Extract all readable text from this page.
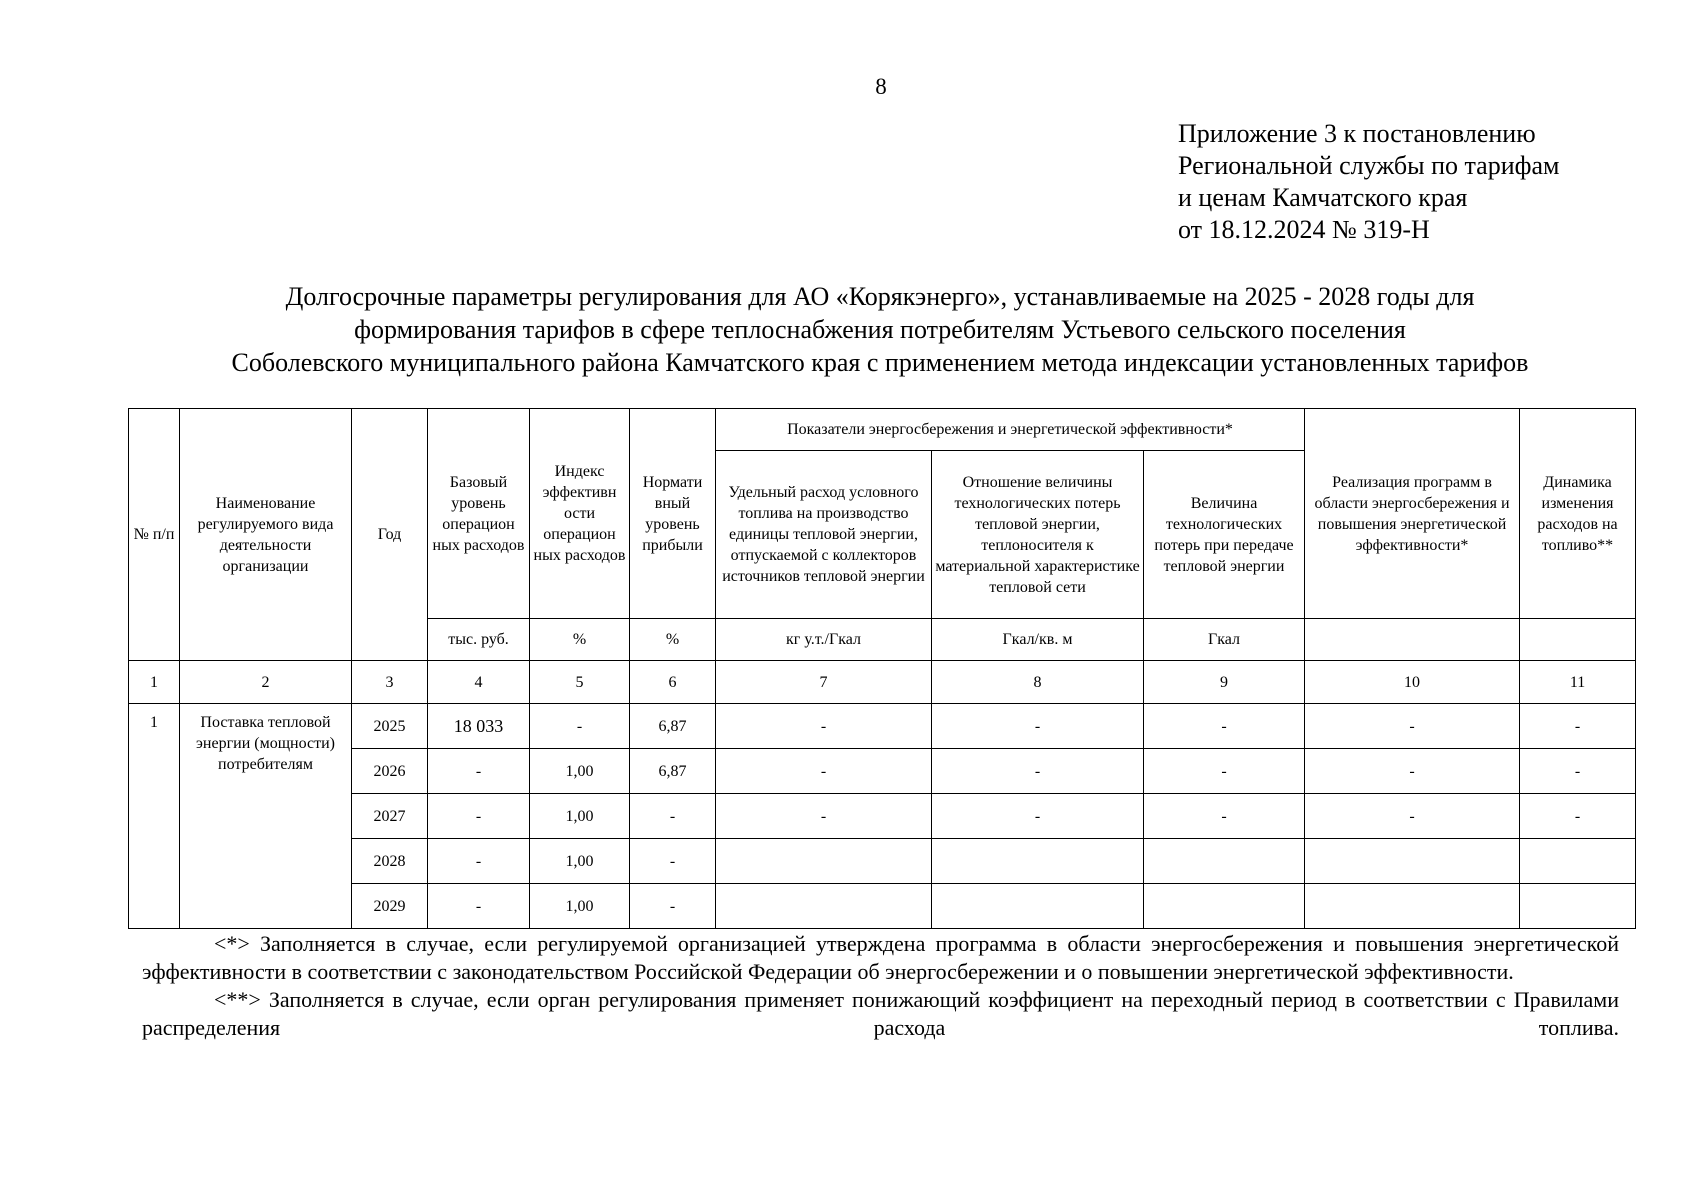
8
Приложение 3 к постановлению
Региональной службы по тарифам
и ценам Камчатского края
от 18.12.2024 № 319-Н
Долгосрочные параметры регулирования для АО «Корякэнерго», устанавливаемые на 2025 - 2028 годы для
формирования тарифов в сфере теплоснабжения потребителям Устьевого сельского поселения
Соболевского муниципального района Камчатского края с применением метода индексации установленных тарифов
№ п/п	Наименование регулируемого вида деятельности организации	Год	Базовый уровень операцион ных расходов	Индекс эффективн ости операцион ных расходов	Нормати вный уровень прибыли	Показатели энергосбережения и энергетической эффективности*			Реализация программ в области энергосбережения и повышения энергетической эффективности*	Динамика изменения расходов на топливо**
						Удельный расход условного топлива на производство единицы тепловой энергии, отпускаемой с коллекторов источников тепловой энергии	Отношение величины технологических потерь тепловой энергии, теплоносителя к материальной характеристике тепловой сети	Величина технологических потерь при передаче тепловой энергии		
			тыс. руб.	%	%	кг у.т./Гкал	Гкал/кв. м	Гкал		
1	2	3	4	5	6	7	8	9	10	11
1	Поставка тепловой энергии (мощности) потребителям	2025	18 033	-	6,87	-	-	-	-	-
		2026	-	1,00	6,87	-	-	-	-	-
		2027	-	1,00	-	-	-	-	-	-
		2028	-	1,00	-					
		2029	-	1,00	-					
<*> Заполняется в случае, если регулируемой организацией утверждена программа в области энергосбережения и повышения энергетической эффективности в соответствии с законодательством Российской Федерации об энергосбережении и о повышении энергетической эффективности.
<**> Заполняется в случае, если орган регулирования применяет понижающий коэффициент на переходный период в соответствии с Правилами распределения расхода топлива.
